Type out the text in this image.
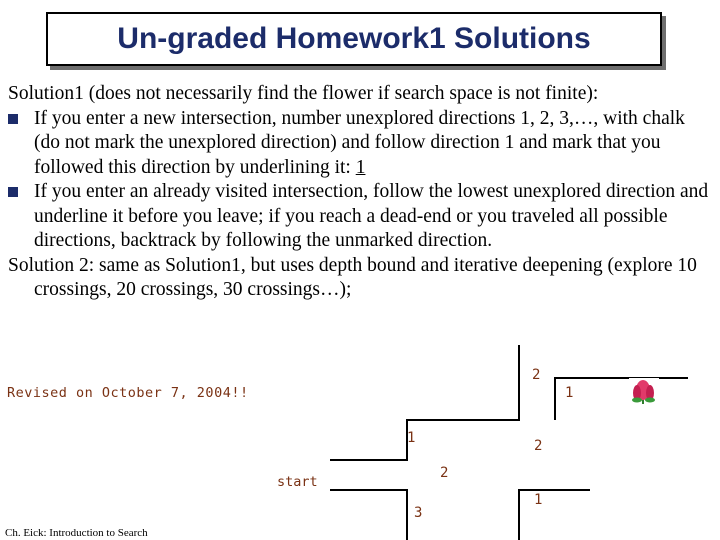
Un-graded Homework1 Solutions

Solution1 (does not necessarily find the flower if search space is not finite):

If you enter a new intersection, number unexplored directions 1, 2, 3,…, with chalk (do not mark the unexplored direction) and follow direction 1 and mark that you followed this direction by underlining it: 1

If you enter an already visited intersection, follow the lowest unexplored direction and underline it before you leave; if you reach a dead-end or you traveled all possible directions, backtrack by following the unmarked direction.

Solution 2: same as Solution1, but uses depth bound and iterative deepening (explore 10 crossings, 20 crossings, 30 crossings…);

Revised on October 7, 2004!!
2
1
1	2
2
3
1
start
Ch. Eick: Introduction to Search
